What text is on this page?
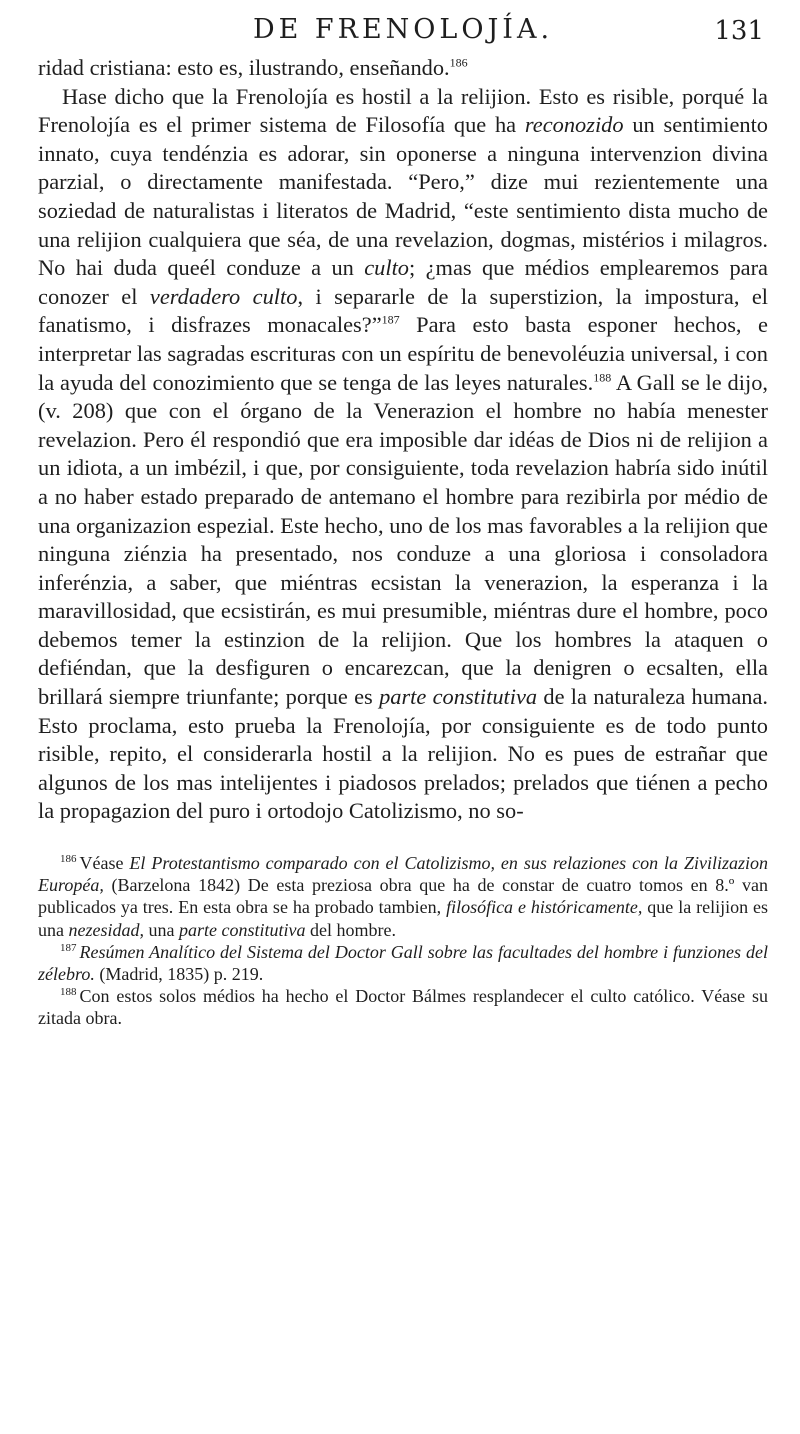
DE FRENOLOJÍA.	131

ridad cristiana: esto es, ilustrando, enseñando.$^{186}$

Hase dicho que la Frenolojía es hostil a la relijion. Esto es risible, porqué la Frenolojía es el primer sistema de Filosofía que ha reconozido un sentimiento innato, cuya tendénzia es adorar, sin oponerse a ninguna intervenzion divina parzial, o directamente manifestada. “Pero,” dize mui rezientemente una soziedad de naturalistas i literatos de Madrid, “este sentimiento dista mucho de una relijion cualquiera que séa, de una revelazion, dogmas, mistérios i milagros. No hai duda queél conduze a un culto; ¿mas que médios emplearemos para conozer el verdadero culto, i separarle de la superstizion, la impostura, el fanatismo, i disfrazes monacales?”$^{187}$ Para esto basta esponer hechos, e interpretar las sagradas escrituras con un espíritu de benevoléuzia universal, i con la ayuda del conozimiento que se tenga de las leyes naturales.$^{188}$ A Gall se le dijo, (v. 208) que con el órgano de la Venerazion el hombre no había menester revelazion. Pero él respondió que era imposible dar idéas de Dios ni de relijion a un idiota, a un imbézil, i que, por consiguiente, toda revelazion habría sido inútil a no haber estado preparado de antemano el hombre para rezibirla por médio de una organizazion espezial. Este hecho, uno de los mas favorables a la relijion que ninguna ziénzia ha presentado, nos conduze a una gloriosa i consoladora inferénzia, a saber, que miéntras ecsistan la venerazion, la esperanza i la maravillosidad, que ecsistirán, es mui presumible, miéntras dure el hombre, poco debemos temer la estinzion de la relijion. Que los hombres la ataquen o defiéndan, que la desfiguren o encarezcan, que la denigren o ecsalten, ella brillará siempre triunfante; porque es parte constitutiva de la naturaleza humana. Esto proclama, esto prueba la Frenolojía, por consiguiente es de todo punto risible, repito, el considerarla hostil a la relijion. No es pues de estrañar que algunos de los mas intelijentes i piadosos prelados; prelados que tiénen a pecho la propagazion del puro i ortodojo Catolizismo, no so-

$^{186}$ Véase El Protestantismo comparado con el Catolizismo, en sus relaziones con la Zivilizazion Européa, (Barzelona 1842) De esta preziosa obra que ha de constar de cuatro tomos en 8.º van publicados ya tres. En esta obra se ha probado tambien, filosófica e históricamente, que la relijion es una nezesidad, una parte constitutiva del hombre.

$^{187}$ Resúmen Analítico del Sistema del Doctor Gall sobre las facultades del hombre i funziones del zélebro. (Madrid, 1835) p. 219.

$^{188}$ Con estos solos médios ha hecho el Doctor Bálmes resplandecer el culto católico. Véase su zitada obra.
